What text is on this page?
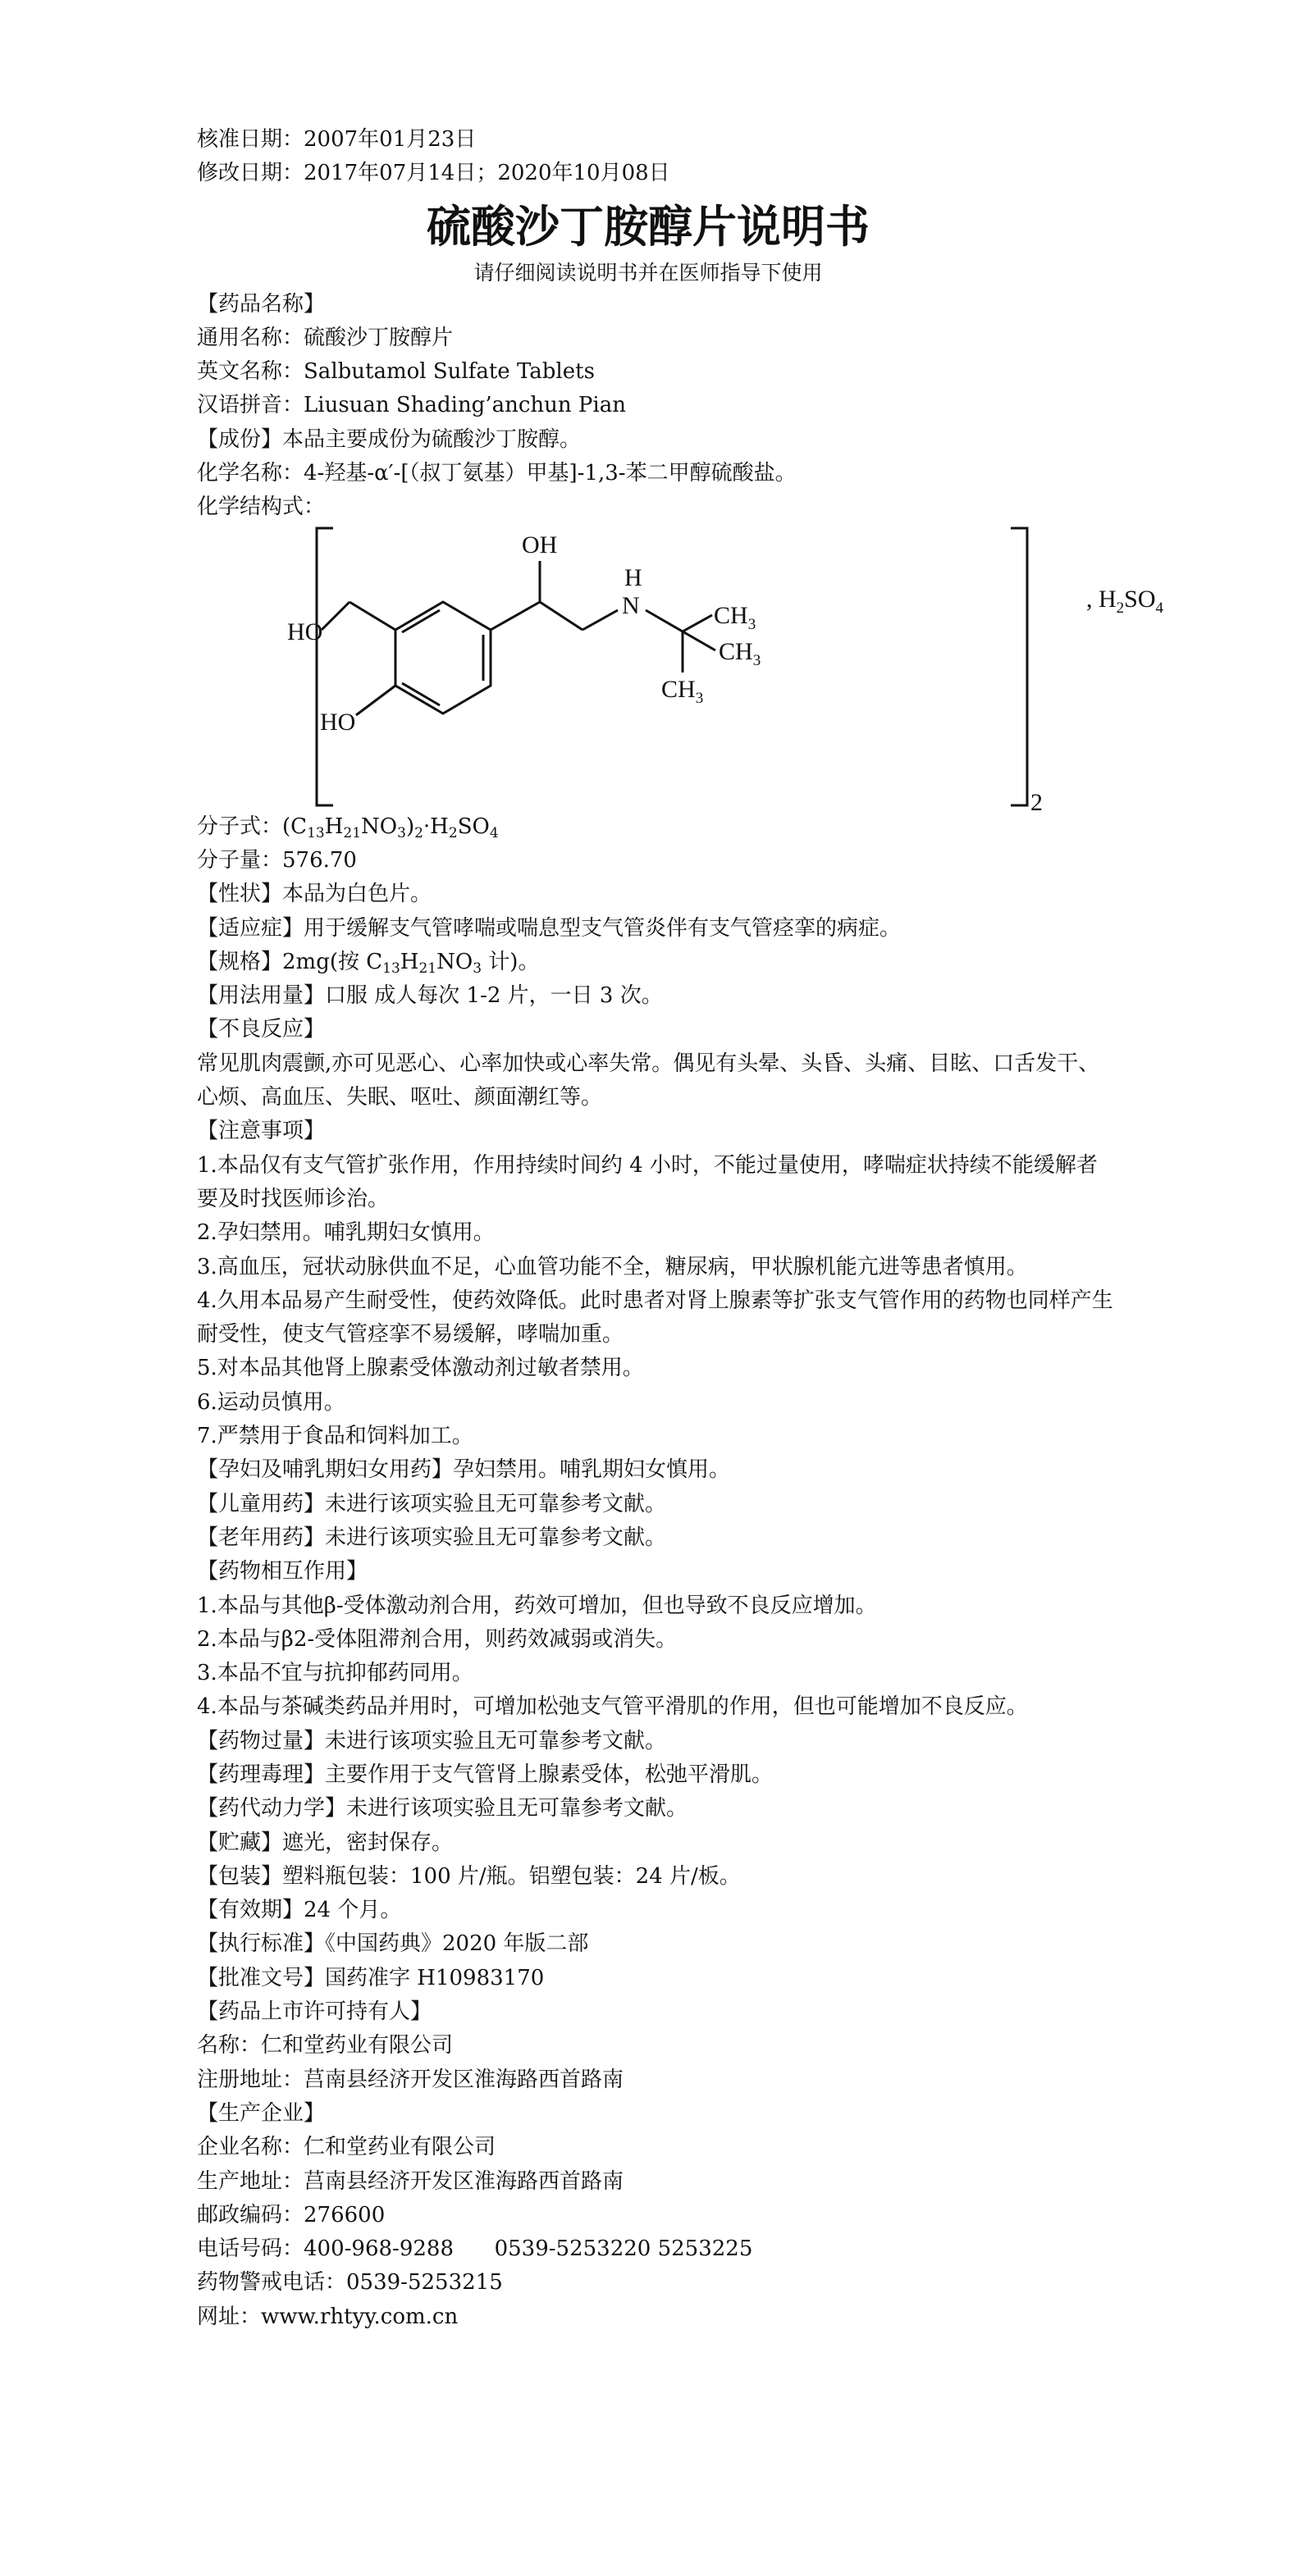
核准日期：2007年01月23日
修改日期：2017年07月14日；2020年10月08日
硫酸沙丁胺醇片说明书
请仔细阅读说明书并在医师指导下使用
【药品名称】
通用名称：硫酸沙丁胺醇片
英文名称：Salbutamol Sulfate Tablets
汉语拼音：Liusuan Shading’anchun Pian
【成份】本品主要成份为硫酸沙丁胺醇。
化学名称：4-羟基-α′-[（叔丁氨基）甲基]-1,3-苯二甲醇硫酸盐。
化学结构式：
OH
H
N	$CH_3$
$CH_3$
$CH_3$
HO
HO
2
, $H_2SO_4$
分子式：$(C_{13}H_{21}NO_3)_2\cdot H_2SO_4$
分子量：576.70
【性状】本品为白色片。
【适应症】用于缓解支气管哮喘或喘息型支气管炎伴有支气管痉挛的病症。
【规格】2mg(按 $C_{13}H_{21}NO_3$ 计)。
【用法用量】口服 成人每次 1-2 片，一日 3 次。
【不良反应】
常见肌肉震颤,亦可见恶心、心率加快或心率失常。偶见有头晕、头昏、头痛、目眩、口舌发干、心烦、高血压、失眠、呕吐、颜面潮红等。
【注意事项】
1.本品仅有支气管扩张作用，作用持续时间约 4 小时，不能过量使用，哮喘症状持续不能缓解者要及时找医师诊治。
2.孕妇禁用。哺乳期妇女慎用。
3.高血压，冠状动脉供血不足，心血管功能不全，糖尿病，甲状腺机能亢进等患者慎用。
4.久用本品易产生耐受性，使药效降低。此时患者对肾上腺素等扩张支气管作用的药物也同样产生耐受性，使支气管痉挛不易缓解，哮喘加重。
5.对本品其他肾上腺素受体激动剂过敏者禁用。
6.运动员慎用。
7.严禁用于食品和饲料加工。
【孕妇及哺乳期妇女用药】孕妇禁用。哺乳期妇女慎用。
【儿童用药】未进行该项实验且无可靠参考文献。
【老年用药】未进行该项实验且无可靠参考文献。
【药物相互作用】
1.本品与其他β-受体激动剂合用，药效可增加，但也导致不良反应增加。
2.本品与β2-受体阻滞剂合用，则药效减弱或消失。
3.本品不宜与抗抑郁药同用。
4.本品与茶碱类药品并用时，可增加松弛支气管平滑肌的作用，但也可能增加不良反应。
【药物过量】未进行该项实验且无可靠参考文献。
【药理毒理】主要作用于支气管肾上腺素受体，松弛平滑肌。
【药代动力学】未进行该项实验且无可靠参考文献。
【贮藏】遮光，密封保存。
【包装】塑料瓶包装：100 片/瓶。铝塑包装：24 片/板。
【有效期】24 个月。
【执行标准】《中国药典》2020 年版二部
【批准文号】国药准字 H10983170
【药品上市许可持有人】
名称：仁和堂药业有限公司
注册地址：莒南县经济开发区淮海路西首路南
【生产企业】
企业名称：仁和堂药业有限公司
生产地址：莒南县经济开发区淮海路西首路南
邮政编码：276600
电话号码：400-968-9288      0539-5253220 5253225
药物警戒电话：0539-5253215
网址：www.rhtyy.com.cn
